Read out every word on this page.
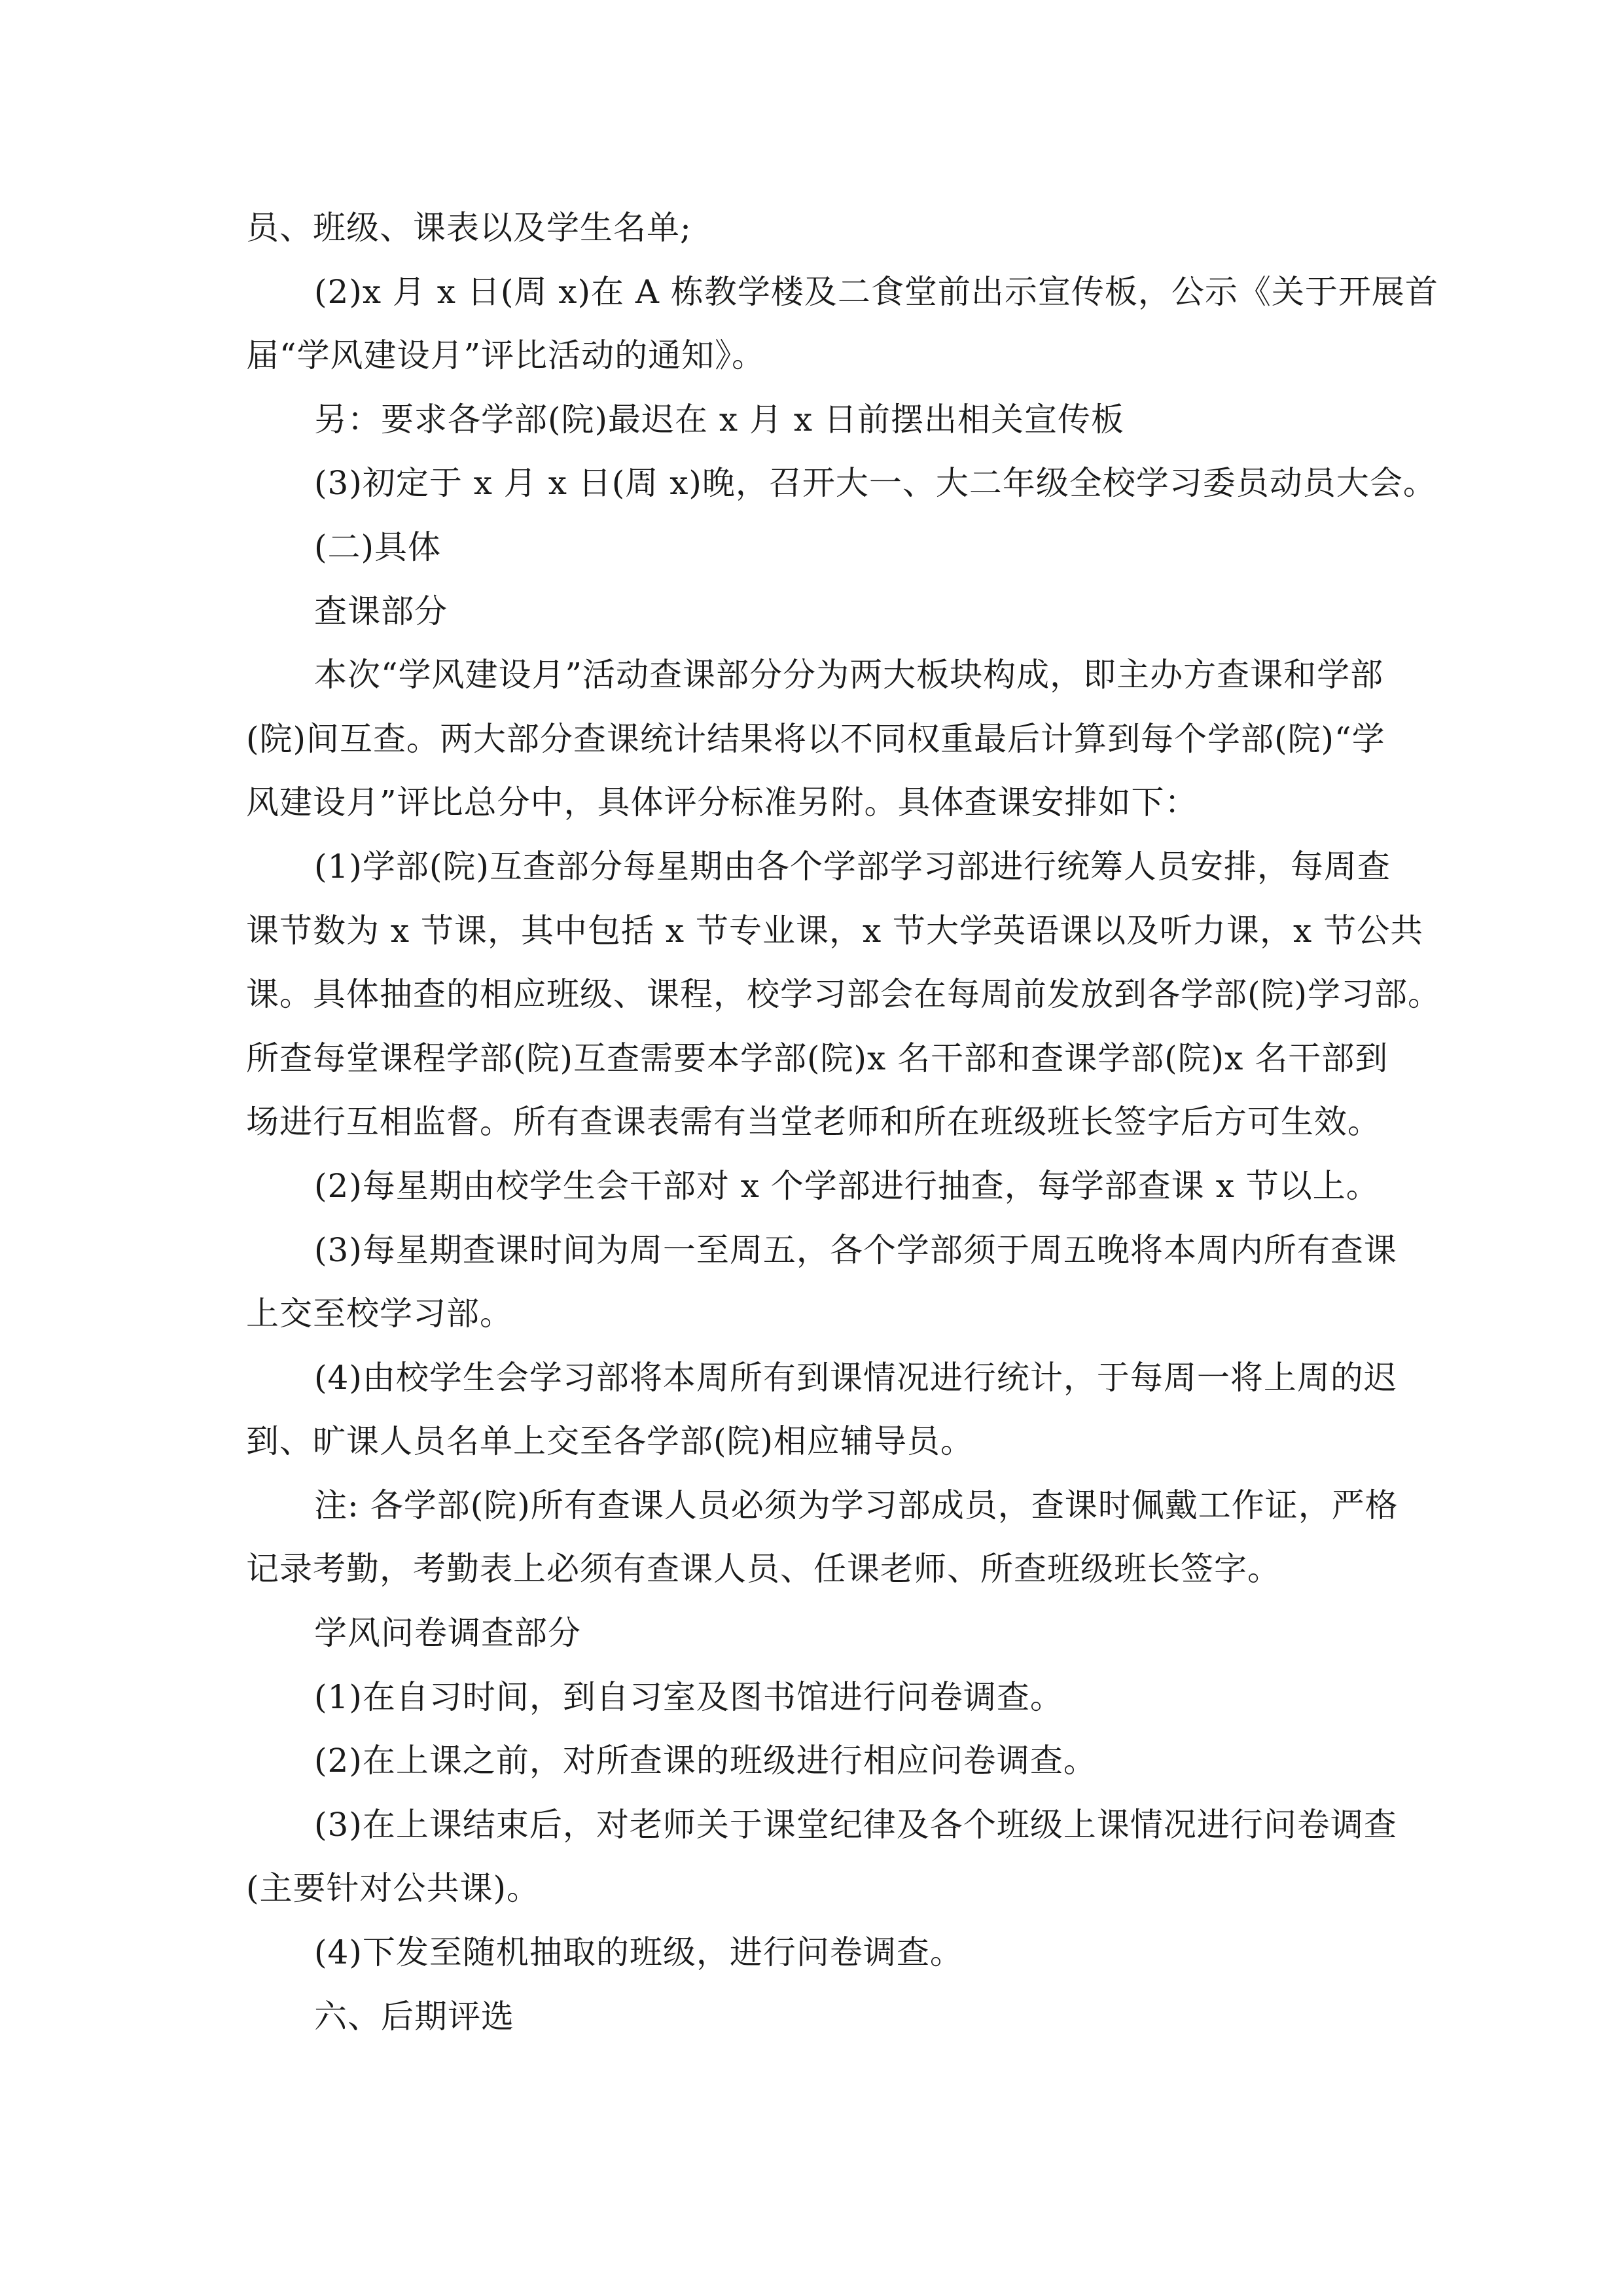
员、班级、课表以及学生名单;
(2)x 月 x 日(周 x)在 A 栋教学楼及二食堂前出示宣传板，公示《关于开展首
届“学风建设月”评比活动的通知》。
另：要求各学部(院)最迟在 x 月 x 日前摆出相关宣传板
(3)初定于 x 月 x 日(周 x)晚，召开大一、大二年级全校学习委员动员大会。
(二)具体
查课部分
本次“学风建设月”活动查课部分分为两大板块构成，即主办方查课和学部
(院)间互查。两大部分查课统计结果将以不同权重最后计算到每个学部(院)“学
风建设月”评比总分中，具体评分标准另附。具体查课安排如下：
(1)学部(院)互查部分每星期由各个学部学习部进行统筹人员安排，每周查
课节数为 x 节课，其中包括 x 节专业课，x 节大学英语课以及听力课，x 节公共
课。具体抽查的相应班级、课程，校学习部会在每周前发放到各学部(院)学习部。
所查每堂课程学部(院)互查需要本学部(院)x 名干部和查课学部(院)x 名干部到
场进行互相监督。所有查课表需有当堂老师和所在班级班长签字后方可生效。
(2)每星期由校学生会干部对 x 个学部进行抽查，每学部查课 x 节以上。
(3)每星期查课时间为周一至周五，各个学部须于周五晚将本周内所有查课
上交至校学习部。
(4)由校学生会学习部将本周所有到课情况进行统计，于每周一将上周的迟
到、旷课人员名单上交至各学部(院)相应辅导员。
注: 各学部(院)所有查课人员必须为学习部成员，查课时佩戴工作证，严格
记录考勤，考勤表上必须有查课人员、任课老师、所查班级班长签字。
学风问卷调查部分
(1)在自习时间，到自习室及图书馆进行问卷调查。
(2)在上课之前，对所查课的班级进行相应问卷调查。
(3)在上课结束后，对老师关于课堂纪律及各个班级上课情况进行问卷调查
(主要针对公共课)。
(4)下发至随机抽取的班级，进行问卷调查。
六、后期评选
